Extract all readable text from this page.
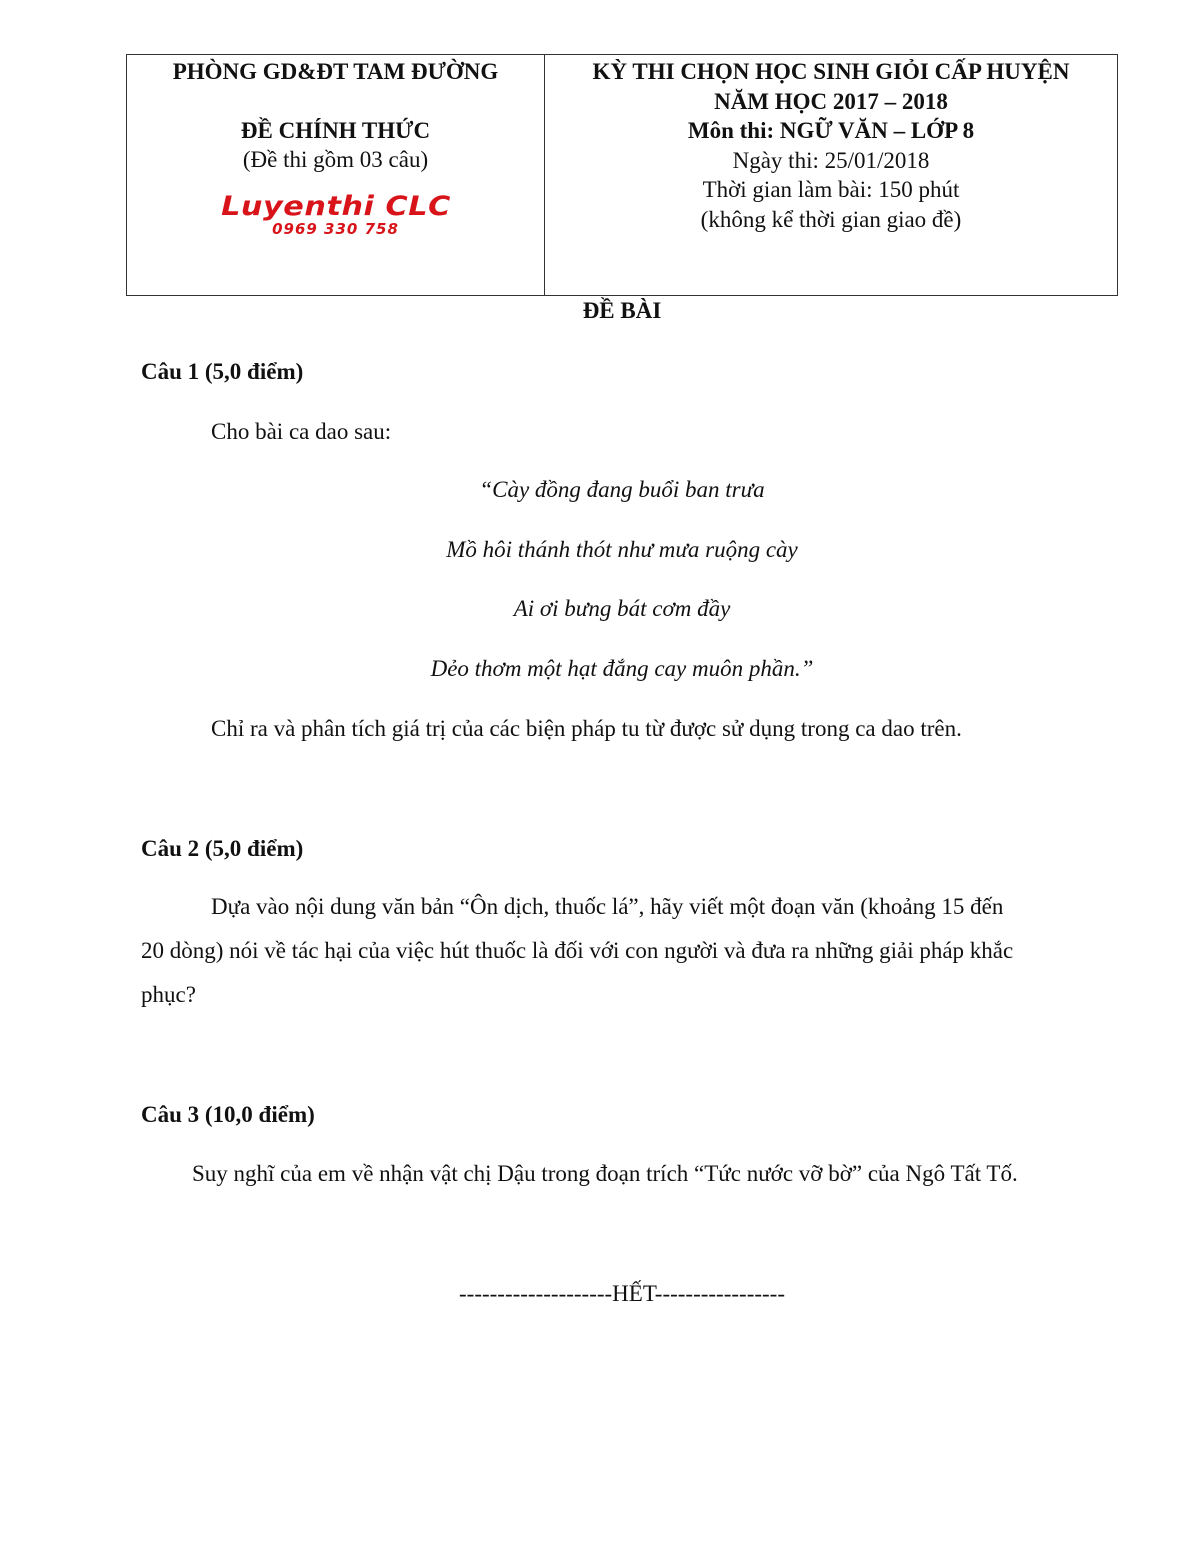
PHÒNG GD&ĐT TAM ĐƯỜNG
ĐỀ CHÍNH THỨC
(Đề thi gồm 03 câu)
Luyenthi CLC
0969 330 758
KỲ THI CHỌN HỌC SINH GIỎI CẤP HUYỆN
NĂM HỌC 2017 – 2018
Môn thi: NGỮ VĂN – LỚP 8
Ngày thi: 25/01/2018
Thời gian làm bài: 150 phút
(không kể thời gian giao đề)
ĐỀ BÀI
Câu 1 (5,0 điểm)
Cho bài ca dao sau:
“Cày đồng đang buổi ban trưa
Mồ hôi thánh thót như mưa ruộng cày
Ai ơi bưng bát cơm đầy
Dẻo thơm một hạt đắng cay muôn phần.”
Chỉ ra và phân tích giá trị của các biện pháp tu từ được sử dụng trong ca dao trên.
Câu 2 (5,0 điểm)
Dựa vào nội dung văn bản “Ôn dịch, thuốc lá”, hãy viết một đoạn văn (khoảng 15 đến
20 dòng) nói về tác hại của việc hút thuốc là đối với con người và đưa ra những giải pháp khắc
phục?
Câu 3 (10,0 điểm)
Suy nghĩ của em về nhận vật chị Dậu trong đoạn trích “Tức nước vỡ bờ” của Ngô Tất Tố.
--------------------HẾT-----------------
